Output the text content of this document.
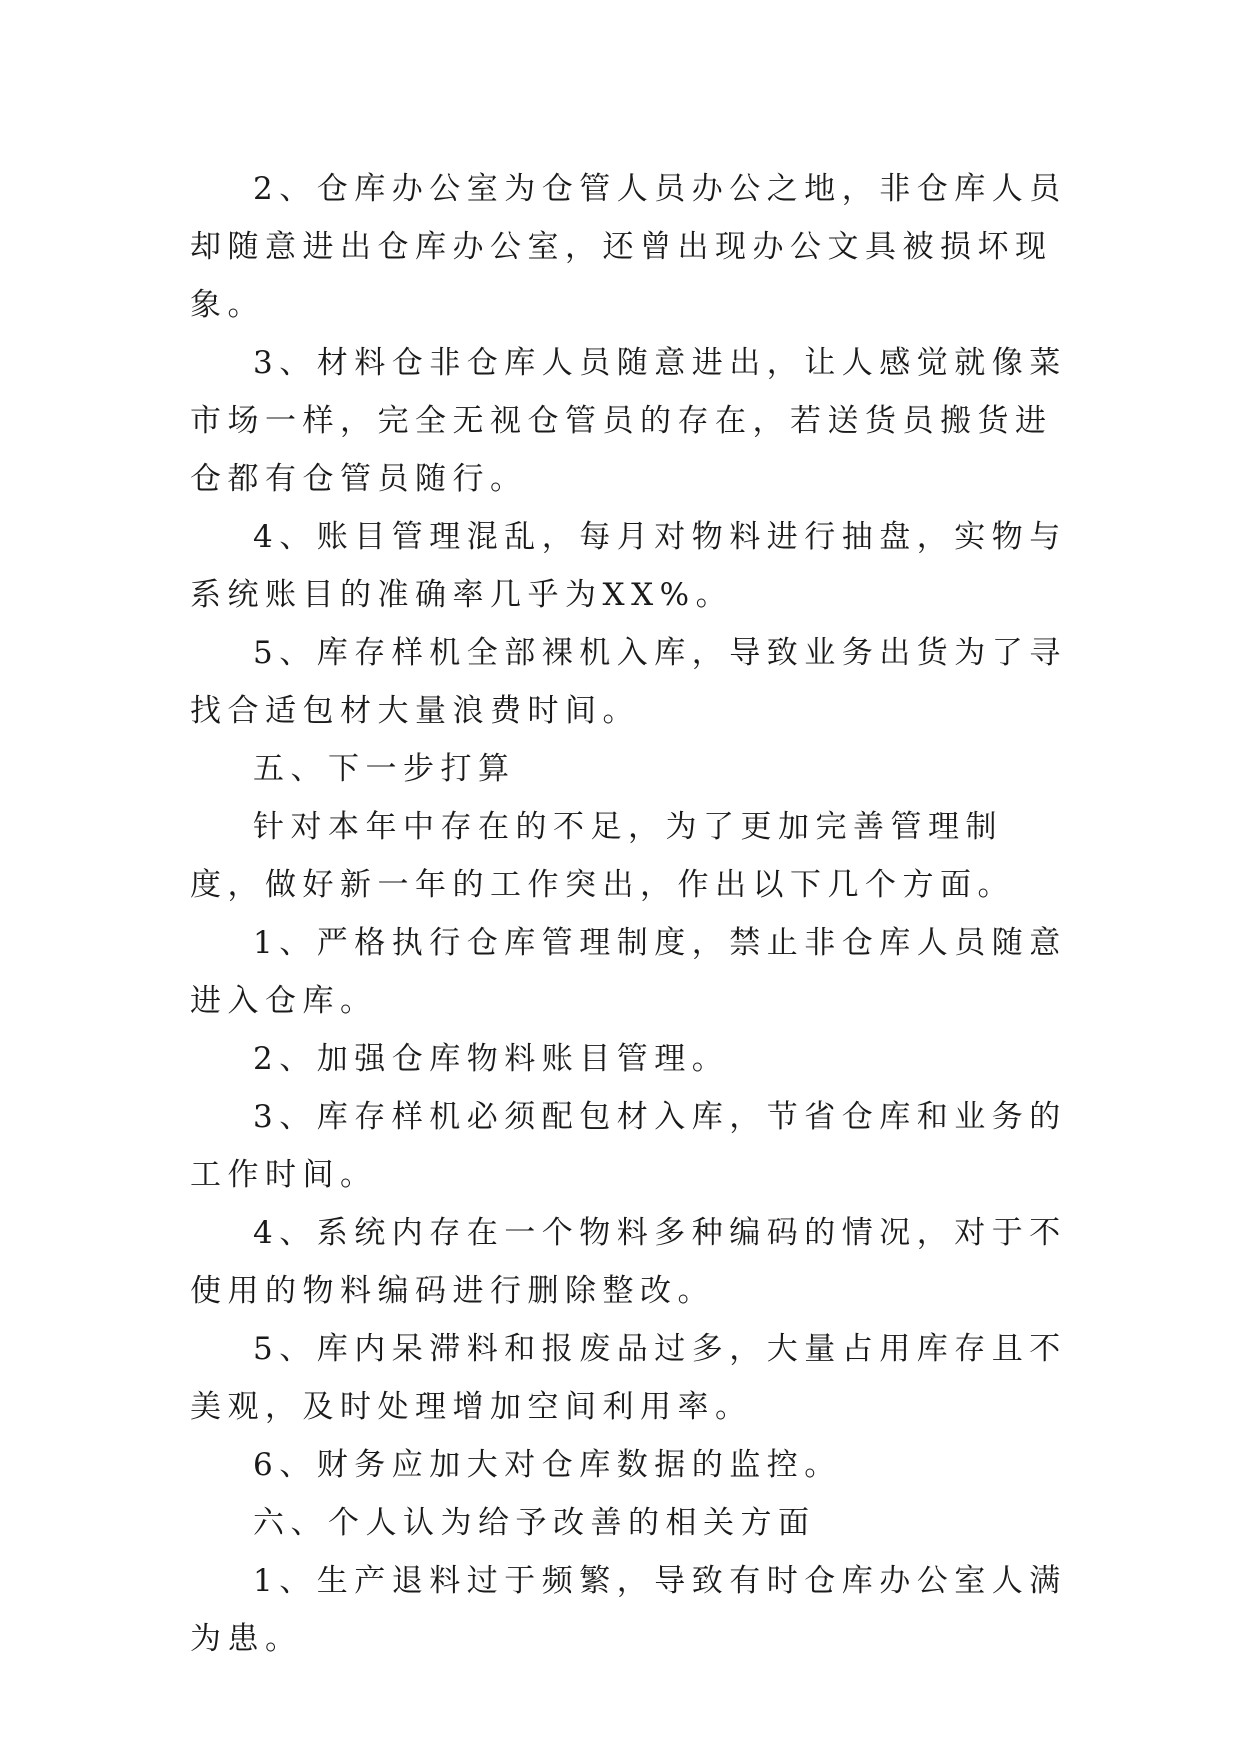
2、仓库办公室为仓管人员办公之地，非仓库人员却随意进出仓库办公室，还曾出现办公文具被损坏现象。

3、材料仓非仓库人员随意进出，让人感觉就像菜市场一样，完全无视仓管员的存在，若送货员搬货进仓都有仓管员随行。

4、账目管理混乱，每月对物料进行抽盘，实物与系统账目的准确率几乎为XX%。

5、库存样机全部裸机入库，导致业务出货为了寻找合适包材大量浪费时间。

五、下一步打算

针对本年中存在的不足，为了更加完善管理制度，做好新一年的工作突出，作出以下几个方面。

1、严格执行仓库管理制度，禁止非仓库人员随意进入仓库。

2、加强仓库物料账目管理。

3、库存样机必须配包材入库，节省仓库和业务的工作时间。

4、系统内存在一个物料多种编码的情况，对于不使用的物料编码进行删除整改。

5、库内呆滞料和报废品过多，大量占用库存且不美观，及时处理增加空间利用率。

6、财务应加大对仓库数据的监控。

六、个人认为给予改善的相关方面

1、生产退料过于频繁，导致有时仓库办公室人满为患。
